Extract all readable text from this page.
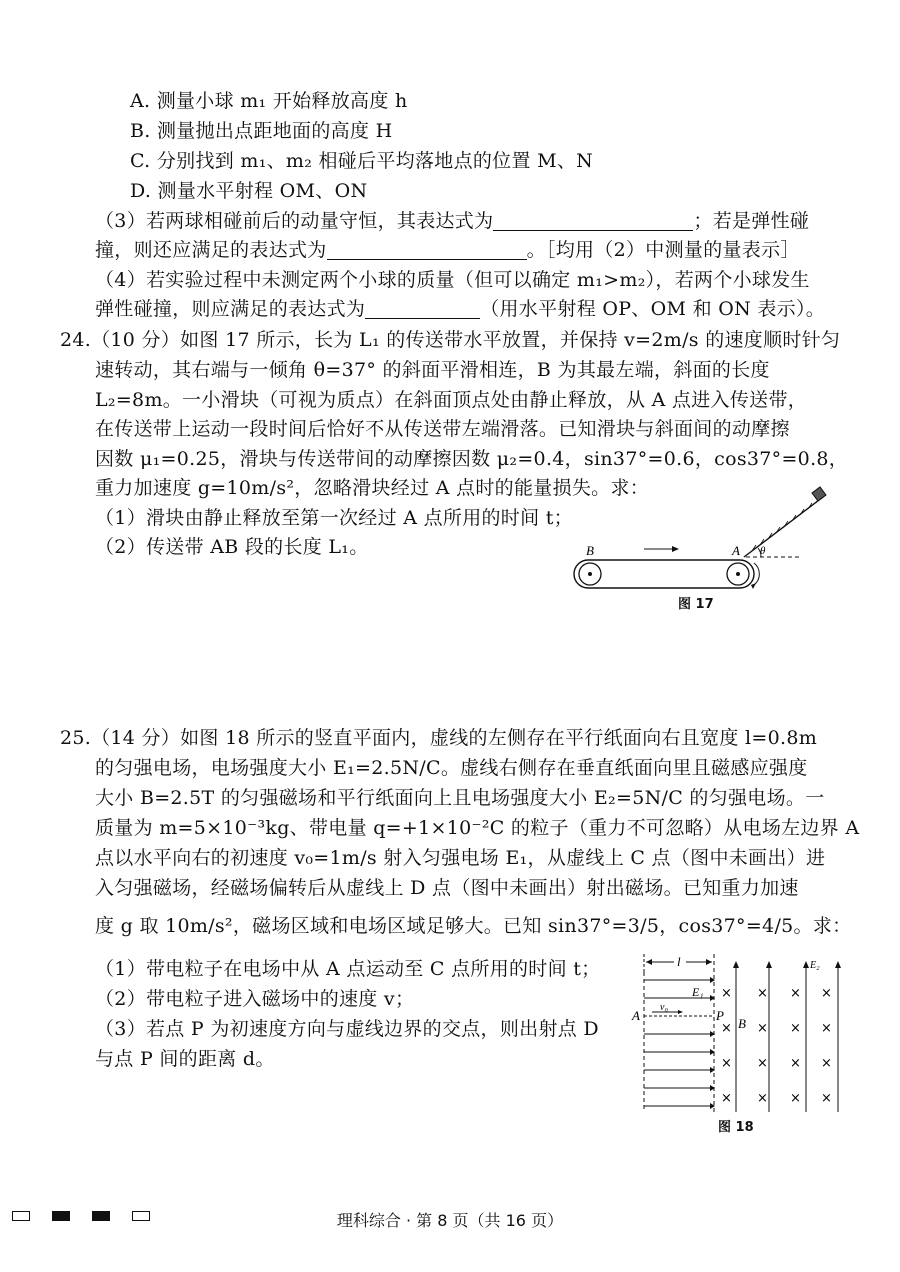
A. 测量小球 m₁ 开始释放高度 h
B. 测量抛出点距地面的高度 H
C. 分别找到 m₁、m₂ 相碰后平均落地点的位置 M、N
D. 测量水平射程 OM、ON
（3）若两球相碰前后的动量守恒，其表达式为	；若是弹性碰
撞，则还应满足的表达式为	。［均用（2）中测量的量表示］
（4）若实验过程中未测定两个小球的质量（但可以确定 m₁>m₂），若两个小球发生
弹性碰撞，则应满足的表达式为	（用水平射程 OP、OM 和 ON 表示）。
24.（10 分）如图 17 所示，长为 L₁ 的传送带水平放置，并保持 v=2m/s 的速度顺时针匀
速转动，其右端与一倾角 θ=37° 的斜面平滑相连，B 为其最左端，斜面的长度
L₂=8m。一小滑块（可视为质点）在斜面顶点处由静止释放，从 A 点进入传送带，
在传送带上运动一段时间后恰好不从传送带左端滑落。已知滑块与斜面间的动摩擦
因数 μ₁=0.25，滑块与传送带间的动摩擦因数 μ₂=0.4，sin37°=0.6，cos37°=0.8，
重力加速度 g=10m/s²，忽略滑块经过 A 点时的能量损失。求：
（1）滑块由静止释放至第一次经过 A 点所用的时间 t；
（2）传送带 AB 段的长度 L₁。	B	A θ
图 17
25.（14 分）如图 18 所示的竖直平面内，虚线的左侧存在平行纸面向右且宽度 l=0.8m
的匀强电场，电场强度大小 E₁=2.5N/C。虚线右侧存在垂直纸面向里且磁感应强度
大小 B=2.5T 的匀强磁场和平行纸面向上且电场强度大小 E₂=5N/C 的匀强电场。一
质量为 m=5×10⁻³kg、带电量 q=+1×10⁻²C 的粒子（重力不可忽略）从电场左边界 A
点以水平向右的初速度 v₀=1m/s 射入匀强电场 E₁，从虚线上 C 点（图中未画出）进
入匀强磁场，经磁场偏转后从虚线上 D 点（图中未画出）射出磁场。已知重力加速
度 g 取 10m/s²，磁场区域和电场区域足够大。已知 sin37°=3/5，cos37°=4/5。求：
（1）带电粒子在电场中从 A 点运动至 C 点所用的时间 t；
（2）带电粒子进入磁场中的速度 v；
（3）若点 P 为初速度方向与虚线边界的交点，则出射点 D
与点 P 间的距离 d。
l
E₁
v₀
A	P
B
E₂
× × × ×
× × × ×
× × × ×
× × × ×
图 18
理科综合 · 第 8 页（共 16 页）
